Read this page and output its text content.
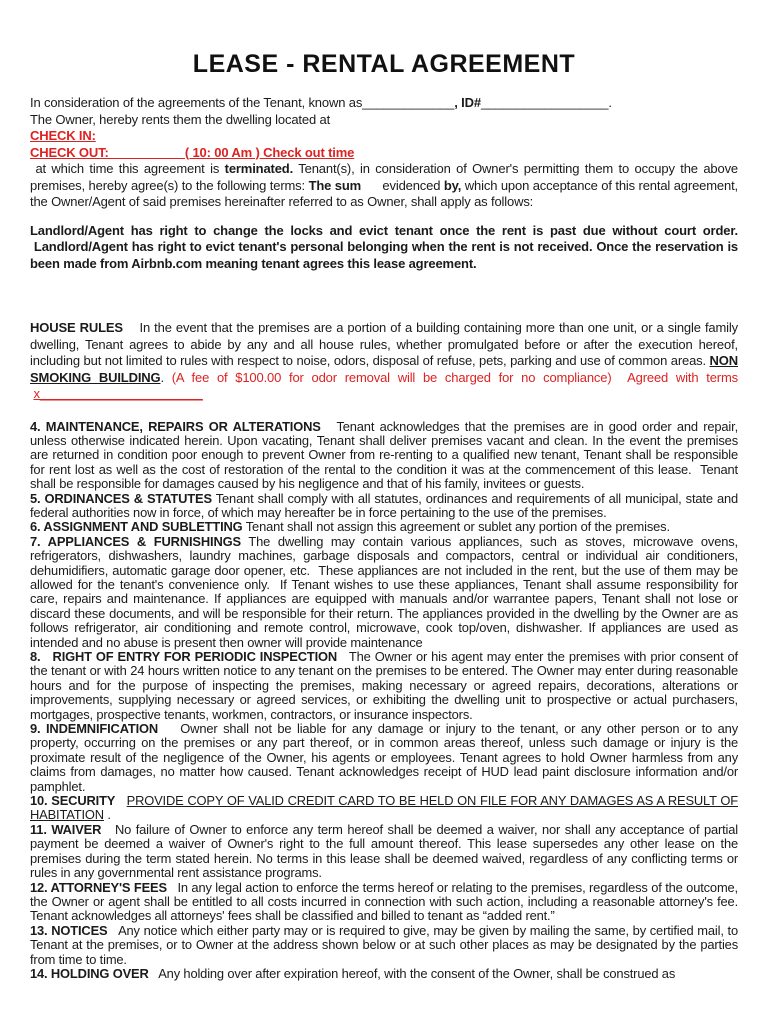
LEASE - RENTAL AGREEMENT

In consideration of the agreements of the Tenant, known as_____________, ID#__________________.

The Owner, hereby rents them the dwelling located at

CHECK IN:

CHECK OUT:                      ( 10: 00 Am ) Check out time

at which time this agreement is terminated. Tenant(s), in consideration of Owner's permitting them to occupy the above premises, hereby agree(s) to the following terms: The sum      evidenced by, which upon acceptance of this rental agreement, the Owner/Agent of said premises hereinafter referred to as Owner, shall apply as follows:

Landlord/Agent has right to change the locks and evict tenant once the rent is past due without court order.  Landlord/Agent has right to evict tenant's personal belonging when the rent is not received. Once the reservation is been made from Airbnb.com meaning tenant agrees this lease agreement.

HOUSE RULES    In the event that the premises are a portion of a building containing more than one unit, or a single family dwelling, Tenant agrees to abide by any and all house rules, whether promulgated before or after the execution hereof, including but not limited to rules with respect to noise, odors, disposal of refuse, pets, parking and use of common areas. NON SMOKING BUILDING. (A fee of $100.00 for odor removal will be charged for no compliance)  Agreed with terms  x_______________________

4. MAINTENANCE, REPAIRS OR ALTERATIONS   Tenant acknowledges that the premises are in good order and repair, unless otherwise indicated herein. Upon vacating, Tenant shall deliver premises vacant and clean. In the event the premises are returned in condition poor enough to prevent Owner from re-renting to a qualified new tenant, Tenant shall be responsible for rent lost as well as the cost of restoration of the rental to the condition it was at the commencement of this lease.  Tenant shall be responsible for damages caused by his negligence and that of his family, invitees or guests.

5. ORDINANCES & STATUTES Tenant shall comply with all statutes, ordinances and requirements of all municipal, state and federal authorities now in force, of which may hereafter be in force pertaining to the use of the premises.

6. ASSIGNMENT AND SUBLETTING Tenant shall not assign this agreement or sublet any portion of the premises.

7. APPLIANCES & FURNISHINGS The dwelling may contain various appliances, such as stoves, microwave ovens, refrigerators, dishwashers, laundry machines, garbage disposals and compactors, central or individual air conditioners, dehumidifiers, automatic garage door opener, etc.  These appliances are not included in the rent, but the use of them may be allowed for the tenant's convenience only.  If Tenant wishes to use these appliances, Tenant shall assume responsibility for care, repairs and maintenance. If appliances are equipped with manuals and/or warrantee papers, Tenant shall not lose or discard these documents, and will be responsible for their return. The appliances provided in the dwelling by the Owner are as follows refrigerator, air conditioning and remote control, microwave, cook top/oven, dishwasher. If appliances are used as intended and no abuse is present then owner will provide maintenance

8.   RIGHT OF ENTRY FOR PERIODIC INSPECTION   The Owner or his agent may enter the premises with prior consent of the tenant or with 24 hours written notice to any tenant on the premises to be entered. The Owner may enter during reasonable hours and for the purpose of inspecting the premises, making necessary or agreed repairs, decorations, alterations or improvements, supplying necessary or agreed services, or exhibiting the dwelling unit to prospective or actual purchasers, mortgages, prospective tenants, workmen, contractors, or insurance inspectors.

9. INDEMNIFICATION    Owner shall not be liable for any damage or injury to the tenant, or any other person or to any property, occurring on the premises or any part thereof, or in common areas thereof, unless such damage or injury is the proximate result of the negligence of the Owner, his agents or employees. Tenant agrees to hold Owner harmless from any claims from damages, no matter how caused. Tenant acknowledges receipt of HUD lead paint disclosure information and/or pamphlet.

10. SECURITY PROVIDE COPY OF VALID CREDIT CARD TO BE HELD ON FILE FOR ANY DAMAGES AS A RESULT OF HABITATION .

11. WAIVER   No failure of Owner to enforce any term hereof shall be deemed a waiver, nor shall any acceptance of partial payment be deemed a waiver of Owner's right to the full amount thereof. This lease supersedes any other lease on the premises during the term stated herein. No terms in this lease shall be deemed waived, regardless of any conflicting terms or rules in any governmental rent assistance programs.

12. ATTORNEY'S FEES   In any legal action to enforce the terms hereof or relating to the premises, regardless of the outcome, the Owner or agent shall be entitled to all costs incurred in connection with such action, including a reasonable attorney's fee. Tenant acknowledges all attorneys' fees shall be classified and billed to tenant as “added rent.”

13. NOTICES   Any notice which either party may or is required to give, may be given by mailing the same, by certified mail, to Tenant at the premises, or to Owner at the address shown below or at such other places as may be designated by the parties from time to time.

14. HOLDING OVER   Any holding over after expiration hereof, with the consent of the Owner, shall be construed as
